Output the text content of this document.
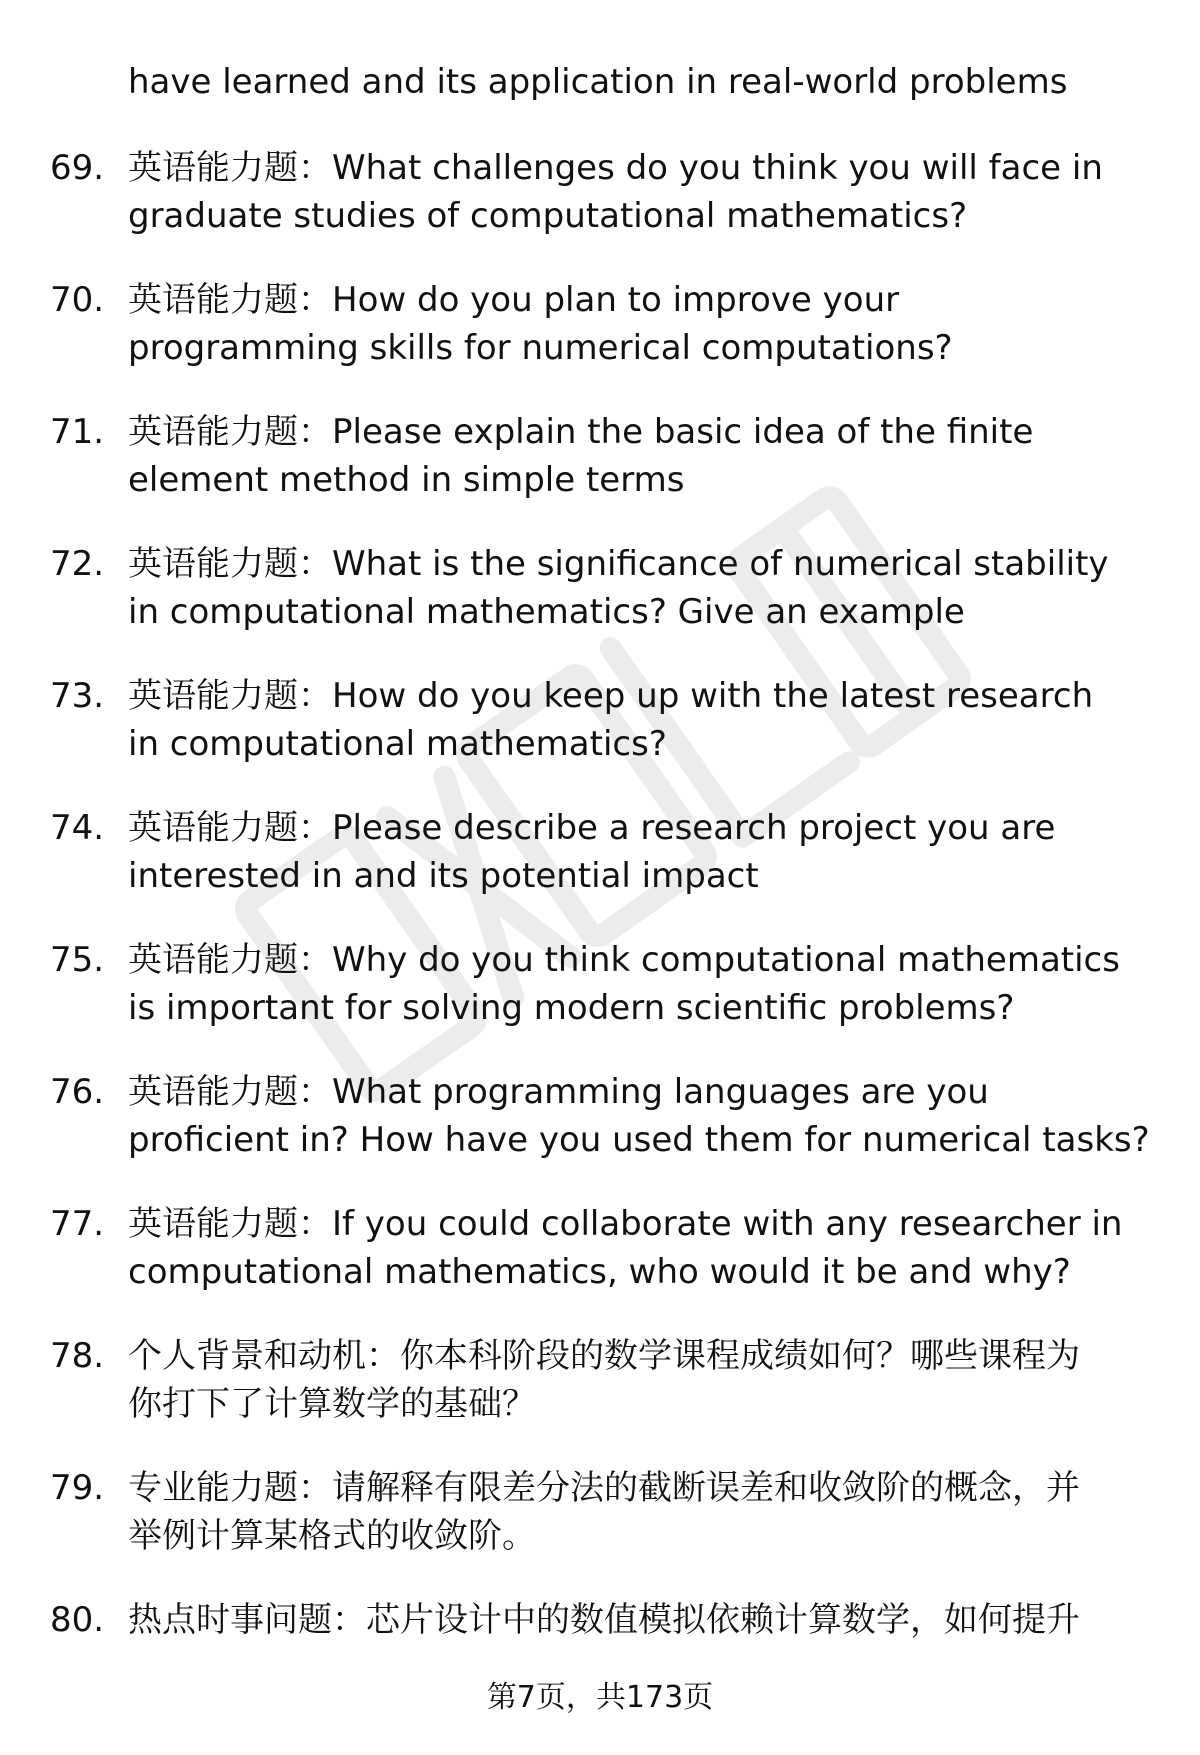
have learned and its application in real-world problems
69. 英语能力题：What challenges do you think you will face in
graduate studies of computational mathematics?
70. 英语能力题：How do you plan to improve your
programming skills for numerical computations?
71. 英语能力题：Please explain the basic idea of the finite
element method in simple terms
72. 英语能力题：What is the significance of numerical stability
in computational mathematics? Give an example
73. 英语能力题：How do you keep up with the latest research
in computational mathematics?
74. 英语能力题：Please describe a research project you are
interested in and its potential impact
75. 英语能力题：Why do you think computational mathematics
is important for solving modern scientific problems?
76. 英语能力题：What programming languages are you
proficient in? How have you used them for numerical tasks?
77. 英语能力题：If you could collaborate with any researcher in
computational mathematics, who would it be and why?
78. 个人背景和动机：你本科阶段的数学课程成绩如何？哪些课程为
你打下了计算数学的基础？
79. 专业能力题：请解释有限差分法的截断误差和收敛阶的概念，并
举例计算某格式的收敛阶。
80. 热点时事问题：芯片设计中的数值模拟依赖计算数学，如何提升
第7页，共173页
